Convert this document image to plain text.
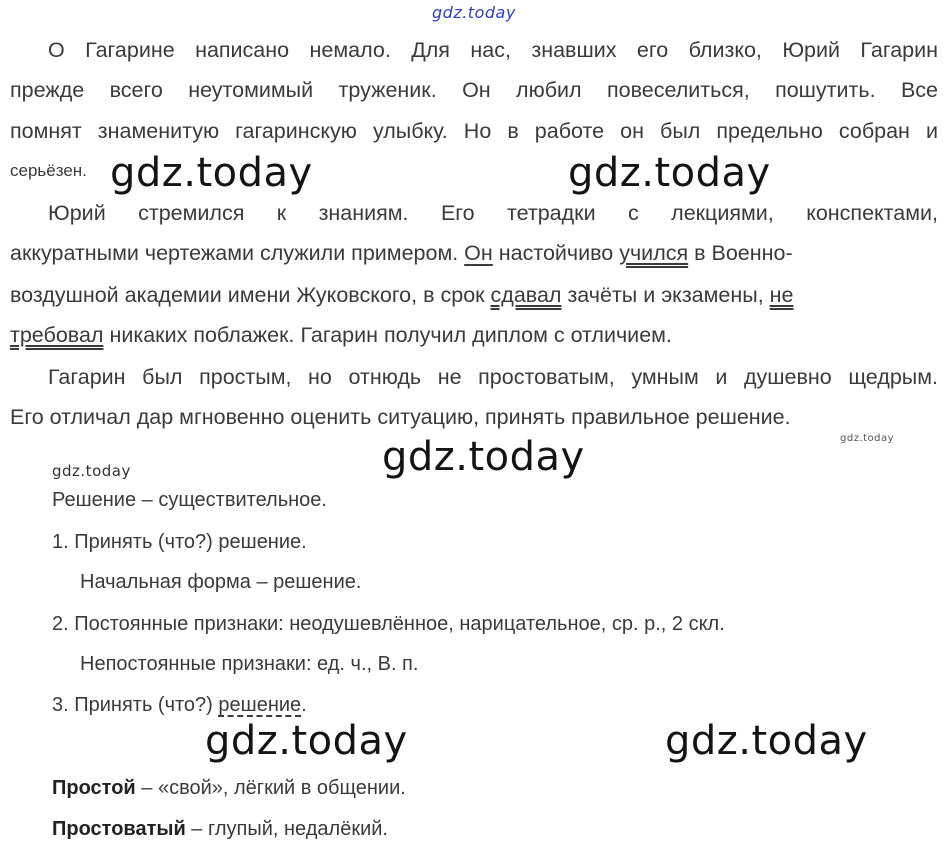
gdz.today
О Гагарине написано немало. Для нас, знавших его близко, Юрий Гагарин
прежде всего неутомимый труженик. Он любил повеселиться, пошутить. Все
помнят знаменитую гагаринскую улыбку. Но в работе он был предельно собран и
серьёзен.
Юрий стремился к знаниям. Его тетрадки с лекциями, конспектами,
аккуратными чертежами служили примером. Он настойчиво учился в Военно-
воздушной академии имени Жуковского, в срок сдавал зачёты и экзамены, не
требовал никаких поблажек. Гагарин получил диплом с отличием.
Гагарин был простым, но отнюдь не простоватым, умным и душевно щедрым.
Его отличал дар мгновенно оценить ситуацию, принять правильное решение.
gdz.today
gdz.today
Решение – существительное.
1. Принять (что?) решение.
Начальная форма – решение.
2. Постоянные признаки: неодушевлённое, нарицательное, ср. р., 2 скл.
Непостоянные признаки: ед. ч., В. п.
3. Принять (что?) решение.
Простой – «свой», лёгкий в общении.
Простоватый – глупый, недалёкий.
gdz.today	gdz.today
gdz.today
gdz.today	gdz.today
